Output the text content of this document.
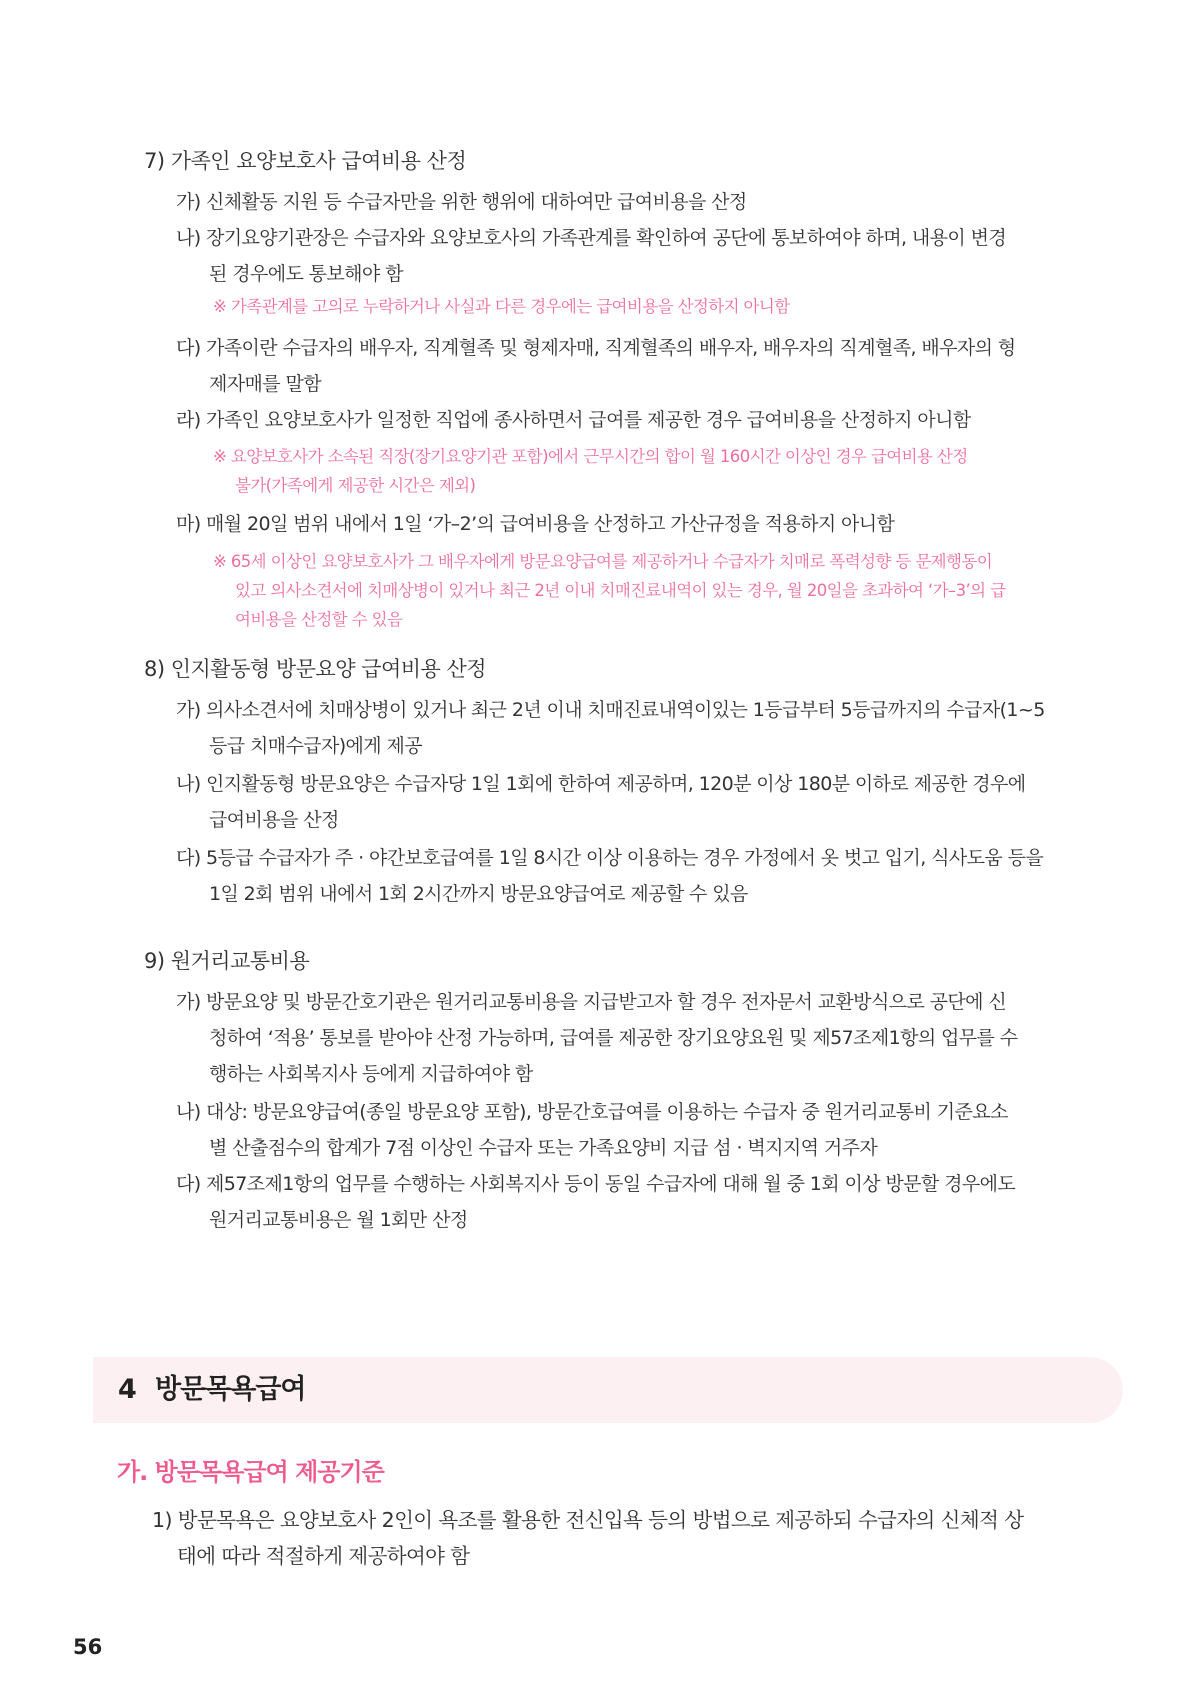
7) 가족인 요양보호사 급여비용 산정
가) 신체활동 지원 등 수급자만을 위한 행위에 대하여만 급여비용을 산정
나) 장기요양기관장은 수급자와 요양보호사의 가족관계를 확인하여 공단에 통보하여야 하며, 내용이 변경
된 경우에도 통보해야 함
※ 가족관계를 고의로 누락하거나 사실과 다른 경우에는 급여비용을 산정하지 아니함
다) 가족이란 수급자의 배우자, 직계혈족 및 형제자매, 직계혈족의 배우자, 배우자의 직계혈족, 배우자의 형
제자매를 말함
라) 가족인 요양보호사가 일정한 직업에 종사하면서 급여를 제공한 경우 급여비용을 산정하지 아니함
※ 요양보호사가 소속된 직장(장기요양기관 포함)에서 근무시간의 합이 월 160시간 이상인 경우 급여비용 산정
불가(가족에게 제공한 시간은 제외)
마) 매월 20일 범위 내에서 1일 ‘가–2’의 급여비용을 산정하고 가산규정을 적용하지 아니함
※ 65세 이상인 요양보호사가 그 배우자에게 방문요양급여를 제공하거나 수급자가 치매로 폭력성향 등 문제행동이
있고 의사소견서에 치매상병이 있거나 최근 2년 이내 치매진료내역이 있는 경우, 월 20일을 초과하여 ‘가–3’의 급
여비용을 산정할 수 있음
8) 인지활동형 방문요양 급여비용 산정
가) 의사소견서에 치매상병이 있거나 최근 2년 이내 치매진료내역이있는 1등급부터 5등급까지의 수급자(1~5
등급 치매수급자)에게 제공
나) 인지활동형 방문요양은 수급자당 1일 1회에 한하여 제공하며, 120분 이상 180분 이하로 제공한 경우에
급여비용을 산정
다) 5등급 수급자가 주 · 야간보호급여를 1일 8시간 이상 이용하는 경우 가정에서 옷 벗고 입기, 식사도움 등을
1일 2회 범위 내에서 1회 2시간까지 방문요양급여로 제공할 수 있음
9) 원거리교통비용
가) 방문요양 및 방문간호기관은 원거리교통비용을 지급받고자 할 경우 전자문서 교환방식으로 공단에 신
청하여 ‘적용’ 통보를 받아야 산정 가능하며, 급여를 제공한 장기요양요원 및 제57조제1항의 업무를 수
행하는 사회복지사 등에게 지급하여야 함
나) 대상: 방문요양급여(종일 방문요양 포함), 방문간호급여를 이용하는 수급자 중 원거리교통비 기준요소
별 산출점수의 합계가 7점 이상인 수급자 또는 가족요양비 지급 섬 · 벽지지역 거주자
다) 제57조제1항의 업무를 수행하는 사회복지사 등이 동일 수급자에 대해 월 중 1회 이상 방문할 경우에도
원거리교통비용은 월 1회만 산정
4 방문목욕급여
가. 방문목욕급여 제공기준
1) 방문목욕은 요양보호사 2인이 욕조를 활용한 전신입욕 등의 방법으로 제공하되 수급자의 신체적 상
태에 따라 적절하게 제공하여야 함
56
